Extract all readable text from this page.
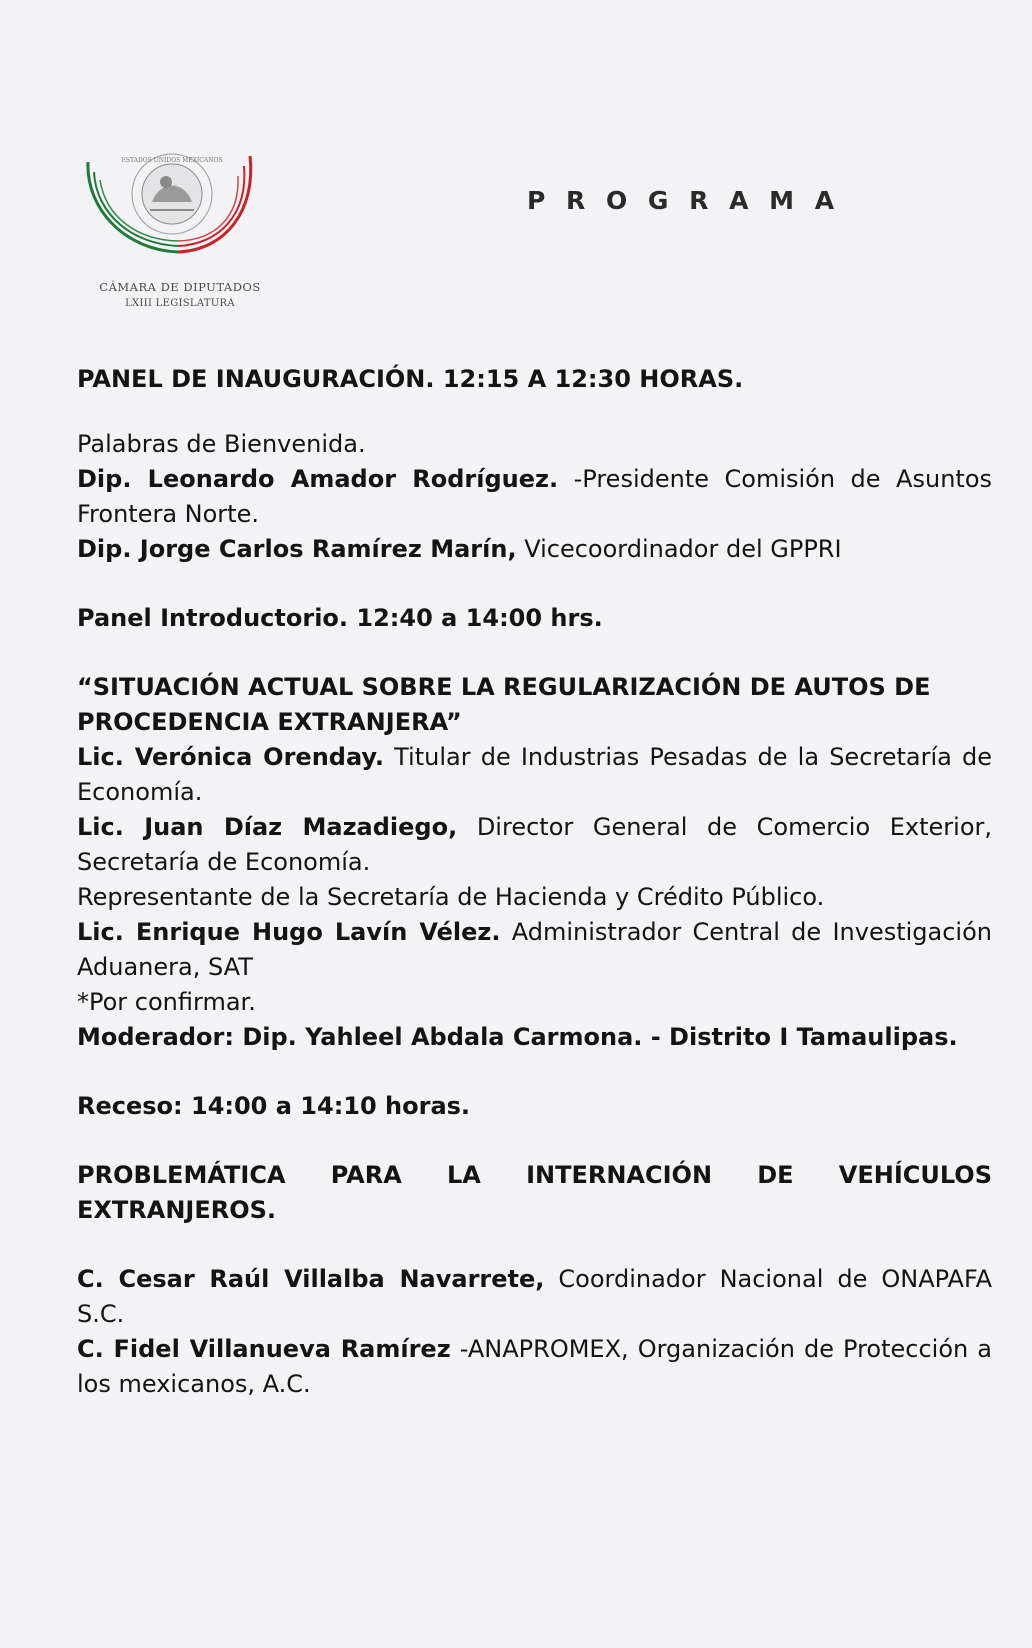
ESTADOS UNIDOS MEXICANOS
CÁMARA DE DIPUTADOS
LXIII LEGISLATURA
P R O G R A M A

PANEL DE INAUGURACIÓN. 12:15 A 12:30 HORAS.

Palabras de Bienvenida.

Dip. Leonardo Amador Rodríguez. -Presidente Comisión de Asuntos Frontera Norte.

Dip. Jorge Carlos Ramírez Marín, Vicecoordinador del GPPRI

Panel Introductorio. 12:40 a 14:00 hrs.

“SITUACIÓN ACTUAL SOBRE LA REGULARIZACIÓN DE AUTOS DE PROCEDENCIA EXTRANJERA”

Lic. Verónica Orenday. Titular de Industrias Pesadas de la Secretaría de Economía.

Lic. Juan Díaz Mazadiego, Director General de Comercio Exterior, Secretaría de Economía.

Representante de la Secretaría de Hacienda y Crédito Público.

Lic. Enrique Hugo Lavín Vélez. Administrador Central de Investigación Aduanera, SAT

*Por confirmar.

Moderador: Dip. Yahleel Abdala Carmona. - Distrito I Tamaulipas.

Receso: 14:00 a 14:10 horas.

PROBLEMÁTICA PARA LA INTERNACIÓN DE VEHÍCULOS EXTRANJEROS.

C. Cesar Raúl Villalba Navarrete, Coordinador Nacional de ONAPAFA S.C.

C. Fidel Villanueva Ramírez -ANAPROMEX, Organización de Protección a los mexicanos, A.C.
